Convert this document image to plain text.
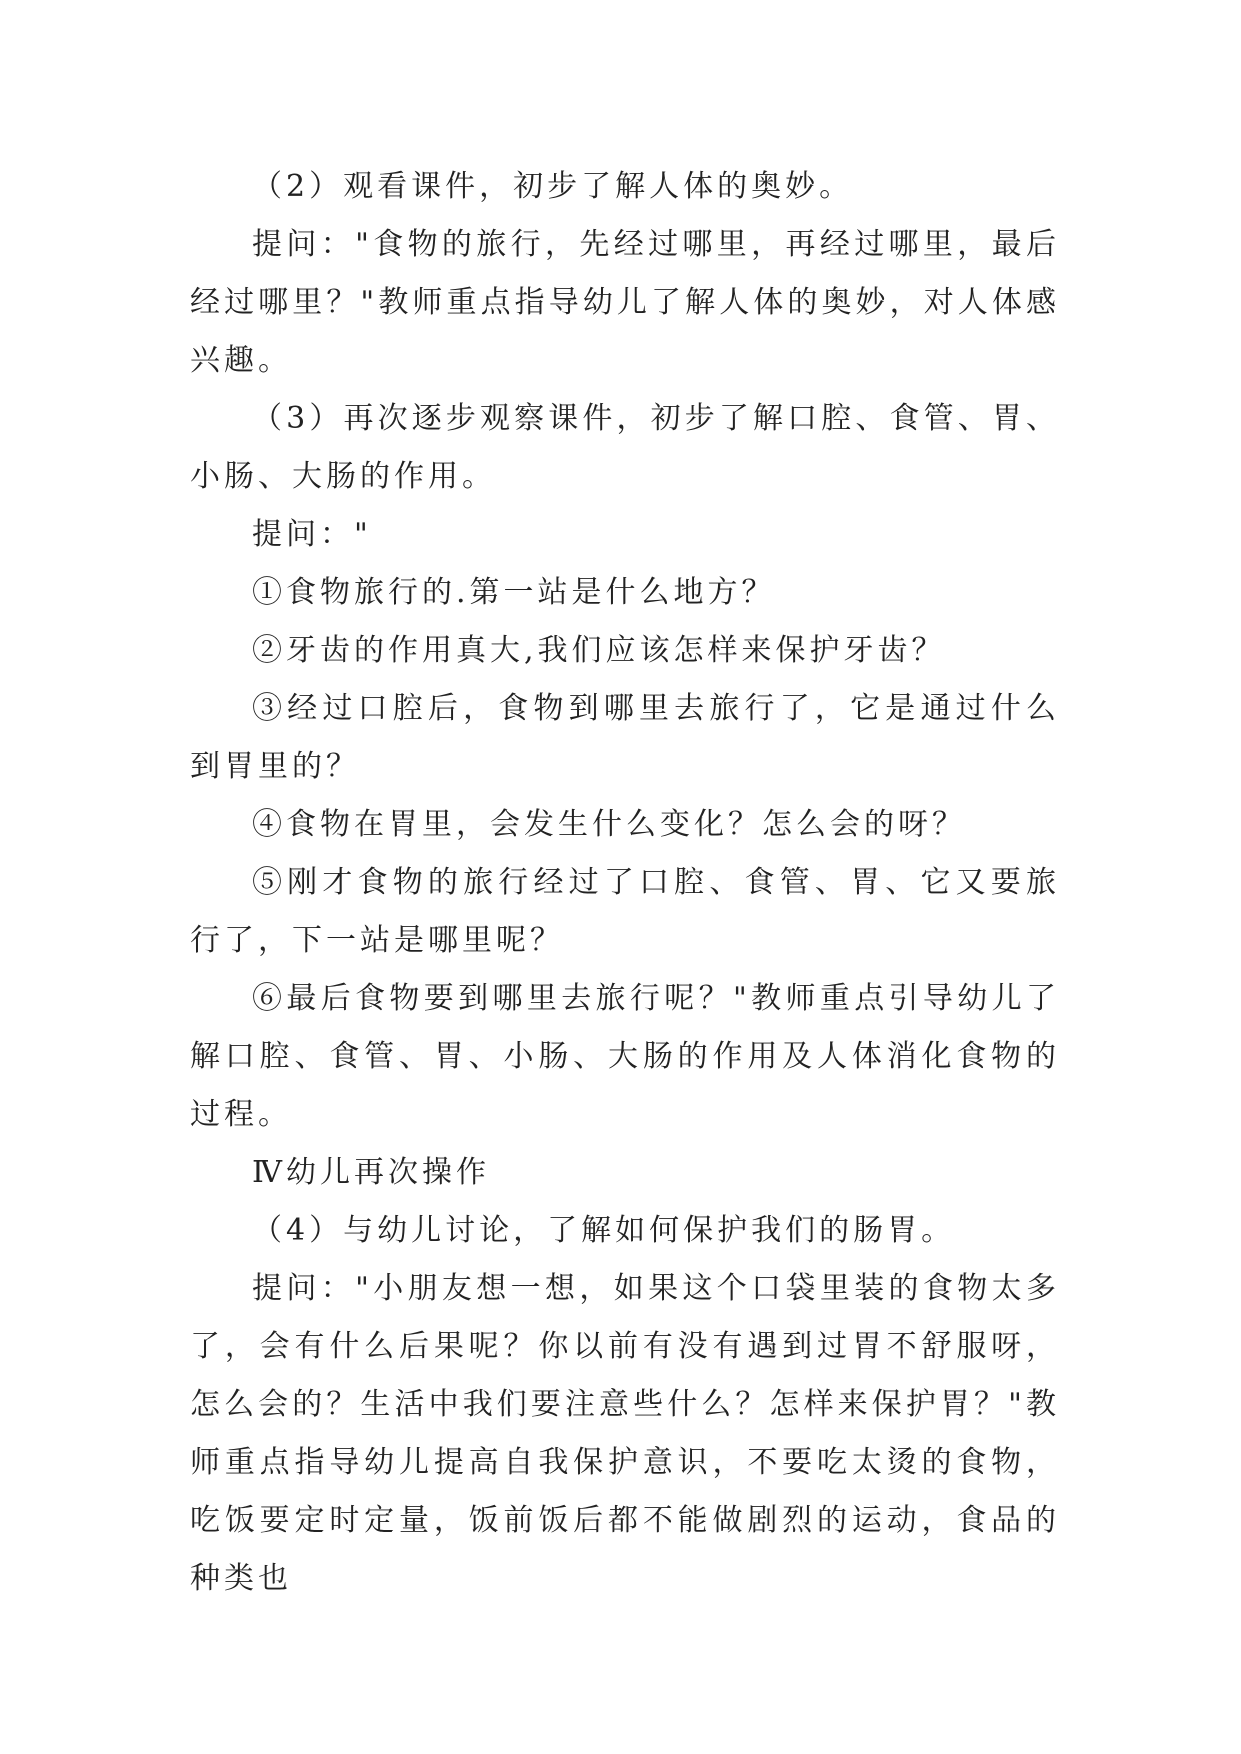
（2）观看课件，初步了解人体的奥妙。

提问："食物的旅行，先经过哪里，再经过哪里，最后经过哪里？"教师重点指导幼儿了解人体的奥妙，对人体感兴趣。

（3）再次逐步观察课件，初步了解口腔、食管、胃、小肠、大肠的作用。

提问："

①食物旅行的.第一站是什么地方？

②牙齿的作用真大,我们应该怎样来保护牙齿？

③经过口腔后，食物到哪里去旅行了，它是通过什么到胃里的？

④食物在胃里，会发生什么变化？怎么会的呀？

⑤刚才食物的旅行经过了口腔、食管、胃、它又要旅行了，下一站是哪里呢？

⑥最后食物要到哪里去旅行呢？"教师重点引导幼儿了解口腔、食管、胃、小肠、大肠的作用及人体消化食物的过程。

Ⅳ幼儿再次操作

（4）与幼儿讨论，了解如何保护我们的肠胃。

提问："小朋友想一想，如果这个口袋里装的食物太多了，会有什么后果呢？你以前有没有遇到过胃不舒服呀，怎么会的？生活中我们要注意些什么？怎样来保护胃？"教师重点指导幼儿提高自我保护意识，不要吃太烫的食物，吃饭要定时定量，饭前饭后都不能做剧烈的运动，食品的种类也
